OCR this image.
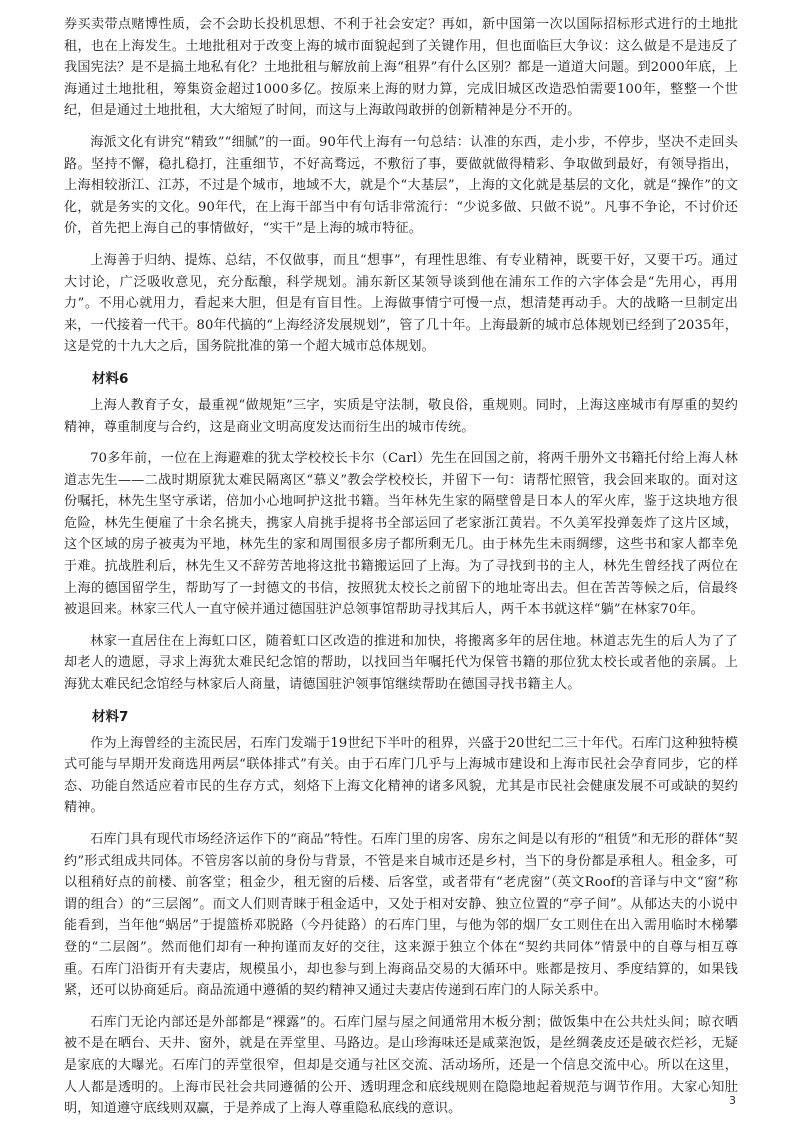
券买卖带点赌博性质，会不会助长投机思想、不利于社会安定？再如，新中国第一次以国际招标形式进行的土地批租，也在上海发生。土地批租对于改变上海的城市面貌起到了关键作用，但也面临巨大争议：这么做是不是违反了我国宪法？是不是搞土地私有化？土地批租与解放前上海“租界”有什么区别？都是一道道大问题。到2000年底，上海通过土地批租，筹集资金超过1000多亿。按原来上海的财力算，完成旧城区改造恐怕需要100年，整整一个世纪，但是通过土地批租，大大缩短了时间，而这与上海敢闯敢拼的创新精神是分不开的。

海派文化有讲究“精致”“细腻”的一面。90年代上海有一句总结：认准的东西，走小步，不停步，坚决不走回头路。坚持不懈，稳扎稳打，注重细节，不好高骛远，不敷衍了事，要做就做得精彩、争取做到最好，有领导指出，上海相较浙江、江苏，不过是个城市，地域不大，就是个“大基层”，上海的文化就是基层的文化，就是“操作”的文化，就是务实的文化。90年代，在上海干部当中有句话非常流行：“少说多做、只做不说”。凡事不争论，不讨价还价，首先把上海自己的事情做好，“实干”是上海的城市特征。

上海善于归纳、提炼、总结，不仅做事，而且“想事”，有理性思维、有专业精神，既要干好，又要干巧。通过大讨论，广泛吸收意见，充分酝酿，科学规划。浦东新区某领导谈到他在浦东工作的六字体会是“先用心，再用力”。不用心就用力，看起来大胆，但是有盲目性。上海做事情宁可慢一点，想清楚再动手。大的战略一旦制定出来，一代接着一代干。80年代搞的“上海经济发展规划”，管了几十年。上海最新的城市总体规划已经到了2035年，这是党的十九大之后，国务院批准的第一个超大城市总体规划。

材料6

上海人教育子女，最重视“做规矩”三字，实质是守法制，敬良俗，重规则。同时，上海这座城市有厚重的契约精神，尊重制度与合约，这是商业文明高度发达而衍生出的城市传统。

70多年前，一位在上海避难的犹太学校校长卡尔（Carl）先生在回国之前，将两千册外文书籍托付给上海人林道志先生——二战时期原犹太难民隔离区“慕义”教会学校校长，并留下一句：请帮忙照管，我会回来取的。面对这份嘱托，林先生坚守承诺，倍加小心地呵护这批书籍。当年林先生家的隔壁曾是日本人的军火库，鉴于这块地方很危险，林先生便雇了十余名挑夫，携家人肩挑手提将书全部运回了老家浙江黄岩。不久美军投弹轰炸了这片区域，这个区域的房子被夷为平地，林先生的家和周围很多房子都所剩无几。由于林先生未雨绸缪，这些书和家人都幸免于难。抗战胜利后，林先生又不辞劳苦地将这批书籍搬运回了上海。为了寻找到书的主人，林先生曾经找了两位在上海的德国留学生，帮助写了一封德文的书信，按照犹太校长之前留下的地址寄出去。但在苦苦等候之后，信最终被退回来。林家三代人一直守候并通过德国驻沪总领事馆帮助寻找其后人，两千本书就这样“躺”在林家70年。

林家一直居住在上海虹口区，随着虹口区改造的推进和加快，将搬离多年的居住地。林道志先生的后人为了了却老人的遗愿，寻求上海犹太难民纪念馆的帮助，以找回当年嘱托代为保管书籍的那位犹太校长或者他的亲属。上海犹太难民纪念馆经与林家后人商量，请德国驻沪领事馆继续帮助在德国寻找书籍主人。

材料7

作为上海曾经的主流民居，石库门发端于19世纪下半叶的租界，兴盛于20世纪二三十年代。石库门这种独特模式可能与早期开发商选用两层“联体排式”有关。由于石库门几乎与上海城市建设和上海市民社会孕育同步，它的样态、功能自然适应着市民的生存方式，刻烙下上海文化精神的诸多风貌，尤其是市民社会健康发展不可或缺的契约精神。

石库门具有现代市场经济运作下的“商品”特性。石库门里的房客、房东之间是以有形的“租赁”和无形的群体“契约”形式组成共同体。不管房客以前的身份与背景，不管是来自城市还是乡村，当下的身份都是承租人。租金多，可以租稍好点的前楼、前客堂；租金少，租无窗的后楼、后客堂，或者带有“老虎窗”（英文Roof的音译与中文“窗”称谓的组合）的“三层阁”。而文人们则青睐于租金适中，又处于相对安静、独立位置的“亭子间”。从郁达夫的小说中能看到，当年他“蜗居”于提篮桥邓脱路（今丹徒路）的石库门里，与他为邻的烟厂女工则住在出入需用临时木梯攀登的“二层阁”。然而他们却有一种拘谨而友好的交往，这来源于独立个体在“契约共同体”情景中的自尊与相互尊重。石库门沿街开有夫妻店，规模虽小，却也参与到上海商品交易的大循环中。账都是按月、季度结算的，如果钱紧，还可以协商延后。商品流通中遵循的契约精神又通过夫妻店传递到石库门的人际关系中。

石库门无论内部还是外部都是“裸露”的。石库门屋与屋之间通常用木板分割；做饭集中在公共灶头间；晾衣晒被不是在晒台、天井、窗外，就是在弄堂里、马路边。是山珍海味还是咸菜泡饭，是丝绸袭皮还是破衣烂衫，无疑是家底的大曝光。石库门的弄堂很窄，但却是交通与社区交流、活动场所，还是一个信息交流中心。所以在这里，人人都是透明的。上海市民社会共同遵循的公开、透明理念和底线规则在隐隐地起着规范与调节作用。大家心知肚明，知道遵守底线则双赢，于是养成了上海人尊重隐私底线的意识。

3
